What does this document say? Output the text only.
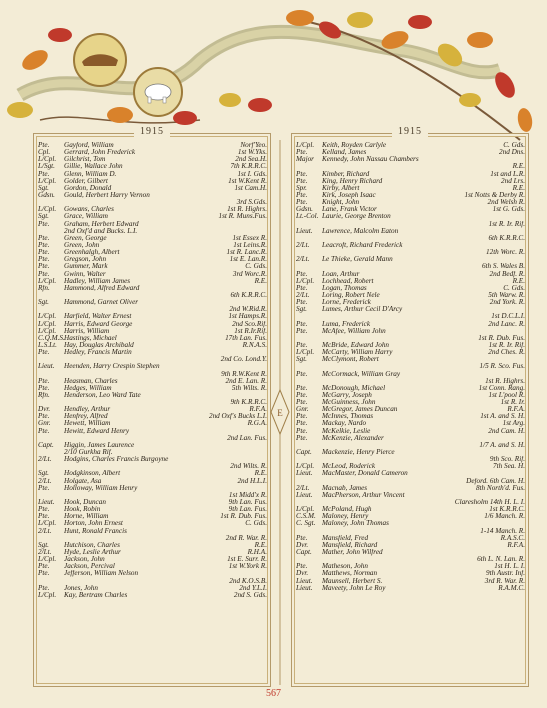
1915
Pte.	Gayford, William	Norf'Yeo.
Cpl.	Gerrard, John Frederick	1st W.Yks.
L/Cpl.	Gilchrist, Tom	2nd Sea.H.
L/Sgt.	Gillie, Wallace John	7th K.R.R.C.
Pte.	Glenn, William D.	1st I. Gds.
L/Cpl.	Golder, Gilbert	1st W.Kent R.
Sgt.	Gordon, Donald	1st Cam.H.
Gdsn.	Gould, Herbert Harry Vernon
3rd S.Gds.
L/Cpl.	Gowans, Charles	1st R. Highrs.
Sgt.	Grace, William	1st R. Muns.Fus.
Pte.	Graham, Herbert Edward
2nd Oxf'd and Bucks. L.I.
Pte.	Green, George	1st Essex R.
Pte.	Green, John	1st Leins.R.
Pte.	Greenhalgh, Albert	1st R. Lanc.R.
Pte.	Gregson, John	1st E. Lan.R.
Pte.	Gummer, Mark	C. Gds.
Pte.	Gwinn, Walter	3rd Worc.R.
L/Cpl.	Hadley, William James	R.E.
Rfn.	Hammond, Alfred Edward
6th K.R.R.C.
Sgt.	Hammond, Garnet Oliver
2nd W.Rid.R.
L/Cpl.	Harfield, Walter Ernest	1st Hamps.R.
L/Cpl.	Harris, Edward George	2nd Sco.Rif.
L/Cpl.	Harris, William	1st R.Ir.Rif.
C.Q.M.S. Hastings, Michael	17th Lan. Fus.
L.S.Lt. Hay, Douglas Archibald	R.N.A.S.
Pte.	Hedley, Francis Martin
2nd Co. Lond.Y.
Lieut.	Heenden, Harry Crespin Stephen
9th R.W.Kent R.
Pte.	Heasman, Charles	2nd E. Lan. R.
Pte.	Hedges, William	5th Wilts. R.
Rfn.	Henderson, Leo Ward Tate
9th K.R.R.C.
Dvr.	Hendley, Arthur	R.F.A.
Pte.	Henfrey, Alfred	2nd Oxf's Bucks L.I.
Gnr.	Hewett, William	R.G.A.
Pte.	Hewitt, Edward Henry
2nd Lan. Fus.
Capt.	Higgin, James Laurence
2/10 Gurkha Rif.
2/Lt.	Hodgins, Charles Francis Burgoyne
2nd Wilts. R.
Sgt.	Hodgkinson, Albert	R.E.
2/Lt.	Holgate, Asa	2nd H.L.I.
Pte.	Holloway, William Henry
1st Midd'x R.
Lieut.	Hook, Duncan	9th Lan. Fus.
Pte.	Hook, Robin	9th Lan. Fus.
Pte.	Horne, William	1st R. Dub. Fus.
L/Cpl.	Horton, John Ernest	C. Gds.
2/Lt.	Hunt, Ronald Francis
2nd R. War. R.
Sgt.	Hutchison, Charles	R.E.
2/Lt.	Hyde, Leslie Arthur	R.H.A.
L/Cpl.	Jackson, John	1st E. Surr. R.
Pte.	Jackson, Percival	1st W.York R.
Pte.	Jefferson, William Nelson
2nd K.O.S.B.
Pte.	Jones, John	2nd Y.L.I.
L/Cpl.	Kay, Bertram Charles	2nd S. Gds.
E
1915
L/Cpl.	Keith, Royden Carlyle	C. Gds.
Pte.	Kelland, James	2nd Dns.
Major	Kennedy, John Nassau Chambers
R.E.
Pte.	Kimber, Richard	1st and L.R.
Pte.	King, Henry Richard	2nd Lrs.
Spr.	Kirby, Albert	R.E.
Pte.	Kirk, Joseph Isaac	1st Notts & Derby R.
Pte.	Knight, John	2nd Welsh R.
Gdsn.	Lane, Frank Victor	1st G. Gds.
Lt.-Col. Laurie, George Brenton
1st R. Ir. Rif.
Lieut.	Lawrence, Malcolm Eaton
6th K.R.R.C.
2/Lt.	Leacroft, Richard Frederick
12th Worc. R.
2/Lt.	Le Thieke, Gerald Mann
6th S. Wales B.
Pte.	Loan, Arthur	2nd Bedf. R.
L/Cpl.	Lochhead, Robert	R.E.
Pte.	Logan, Thomas	C. Gds.
2/Lt.	Loring, Robert Nele	5th Warw. R.
Pte.	Lorne, Frederick	2nd York. R.
Sgt.	Lumes, Arthur Cecil D'Arcy
1st D.C.L.I.
Pte.	Luma, Frederick	2nd Lanc. R.
Pte.	McAfee, William John
1st R. Dub. Fus.
Pte.	McBride, Edward John	1st R. Ir. Rif.
L/Cpl.	McCarty, William Harry	2nd Ches. R.
Sgt.	McClymont, Robert
1/5 R. Sco. Fus.
Pte.	McCormack, William Gray
1st R. Highrs.
Pte.	McDonough, Michael	1st Conn. Rang.
Pte.	McGarry, Joseph	1st L'pool R.
Pte.	McGuinness, John	1st R. Ir.
Gnr.	McGregor, James Duncan	R.F.A.
Pte.	McInnes, Thomas	1st A. and S. H.
Pte.	Mackay, Nardo	1st Arg.
Pte.	McKelkie, Leslie	2nd Cam. H.
Pte.	McKenzie, Alexander
1/7 A. and S. H.
Capt.	Mackenzie, Henry Pierce
9th Sco. Rif.
L/Cpl.	McLeod, Roderick	7th Sea. H.
Lieut.	MacMaster, Donald Cameron
Deford. 6th Cam. H.
2/Lt.	Macnab, James	8th North'd. Fus.
Lieut.	MacPherson, Arthur Vincent
Claresholm 14th H. L. I.
L/Cpl.	McPoland, Hugh	1st K.R.R.C.
C.S.M. Maloney, Henry	1/6 Manch. R.
C. Sgt. Maloney, John Thomas
1-14 Manch. R.
Pte.	Mansfield, Fred	R.A.S.C.
Dvr.	Mansfield, Richard	R.F.A.
Capt.	Mather, John Wilfred
6th L. N. Lan. R.
Pte.	Matheson, John	1st H. L. I.
Dvr.	Matthews, Norman	9th Austr. Inf.
Lieut.	Maunsell, Herbert S.	3rd R. War. R.
Lieut.	Maveety, John Le Roy	R.A.M.C.
567
